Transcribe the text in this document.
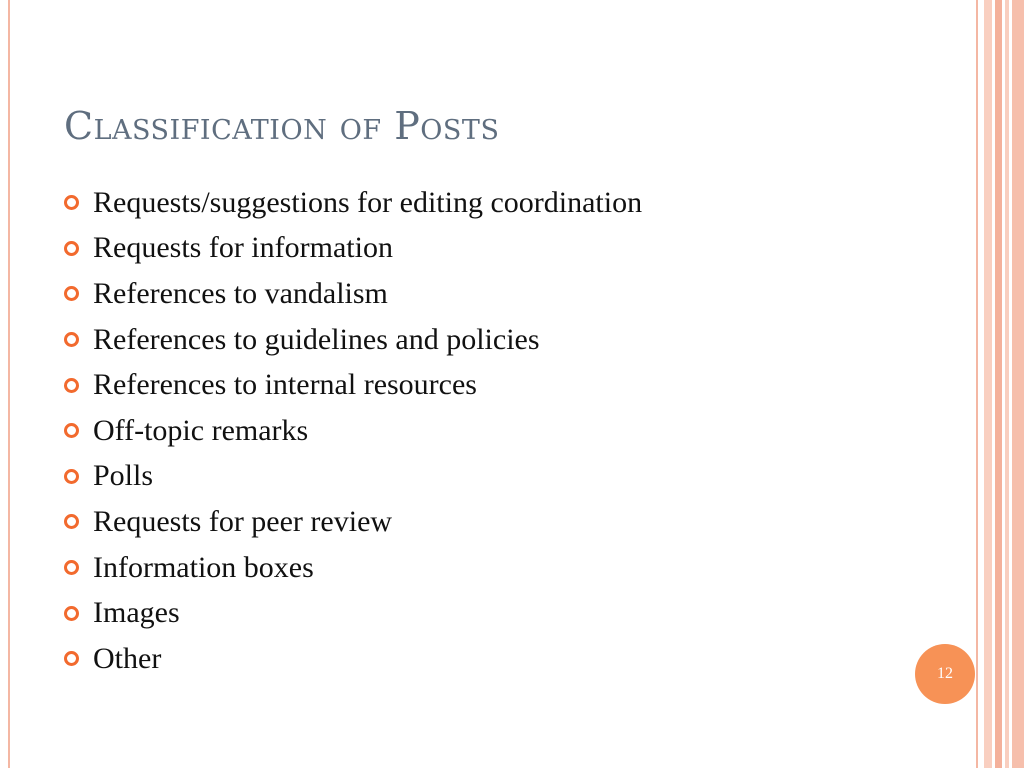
Classification of Posts
Requests/suggestions for editing coordination
Requests for information
References to vandalism
References to guidelines and policies
References to internal resources
Off-topic remarks
Polls
Requests for peer review
Information boxes
Images
Other	12
